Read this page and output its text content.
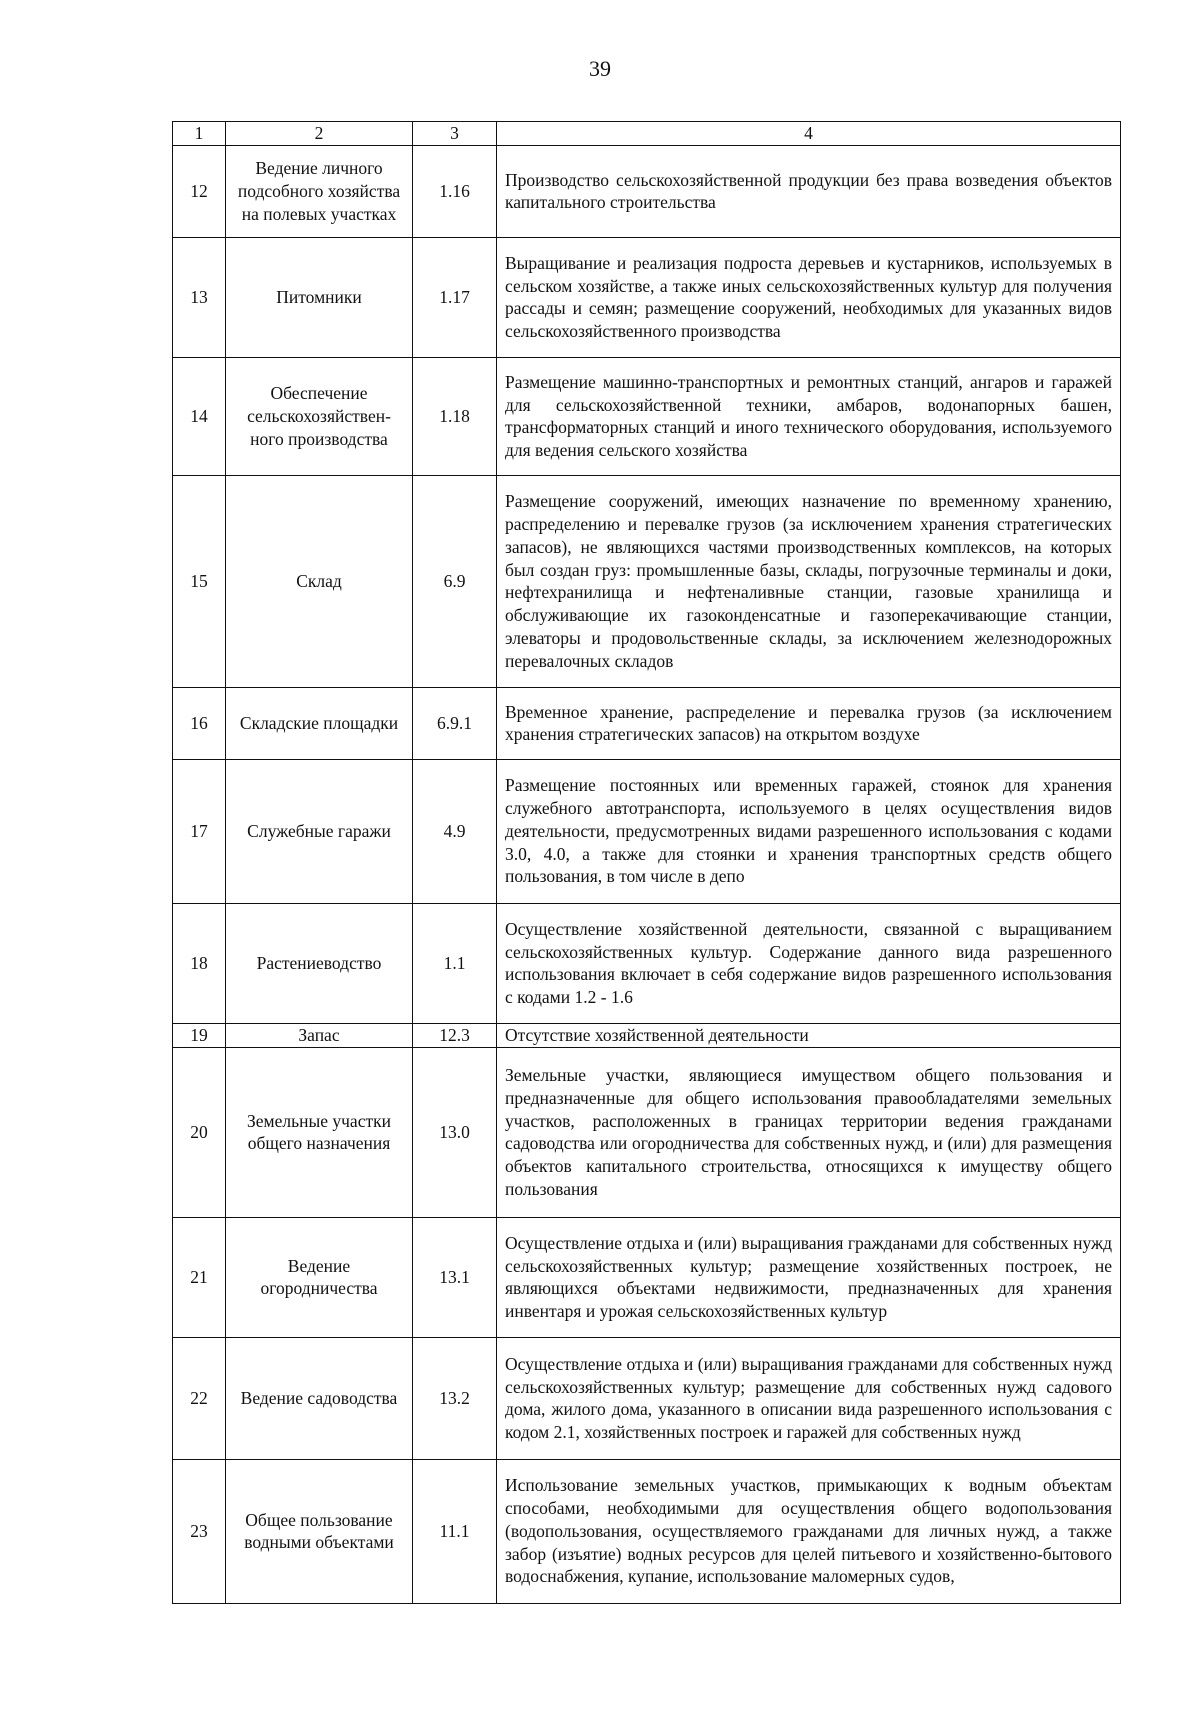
39
1	2	3	4
12	Ведение личного подсобного хозяйства на полевых участках	1.16	Производство сельскохозяйственной продукции без права возведения объектов капитального строительства
13	Питомники	1.17	Выращивание и реализация подроста деревьев и кустарников, используемых в сельском хозяйстве, а также иных сельскохозяйственных культур для получения рассады и семян; размещение сооружений, необходимых для указанных видов сельскохозяйственного производства
14	Обеспечение сельскохозяйствен-ного производства	1.18	Размещение машинно-транспортных и ремонтных станций, ангаров и гаражей для сельскохозяйственной техники, амбаров, водонапорных башен, трансформаторных станций и иного технического оборудования, используемого для ведения сельского хозяйства
15	Склад	6.9	Размещение сооружений, имеющих назначение по временному хранению, распределению и перевалке грузов (за исключением хранения стратегических запасов), не являющихся частями производственных комплексов, на которых был создан груз: промышленные базы, склады, погрузочные терминалы и доки, нефтехранилища и нефтеналивные станции, газовые хранилища и обслуживающие их газоконденсатные и газоперекачивающие станции, элеваторы и продовольственные склады, за исключением железнодорожных перевалочных складов
16	Складские площадки	6.9.1	Временное хранение, распределение и перевалка грузов (за исключением хранения стратегических запасов) на открытом воздухе
17	Служебные гаражи	4.9	Размещение постоянных или временных гаражей, стоянок для хранения служебного автотранспорта, используемого в целях осуществления видов деятельности, предусмотренных видами разрешенного использования с кодами 3.0, 4.0, а также для стоянки и хранения транспортных средств общего пользования, в том числе в депо
18	Растениеводство	1.1	Осуществление хозяйственной деятельности, связанной с выращиванием сельскохозяйственных культур. Содержание данного вида разрешенного использования включает в себя содержание видов разрешенного использования с кодами 1.2 - 1.6
19	Запас	12.3	Отсутствие хозяйственной деятельности
20	Земельные участки общего назначения	13.0	Земельные участки, являющиеся имуществом общего пользования и предназначенные для общего использования правообладателями земельных участков, расположенных в границах территории ведения гражданами садоводства или огородничества для собственных нужд, и (или) для размещения объектов капитального строительства, относящихся к имуществу общего пользования
21	Ведение огородничества	13.1	Осуществление отдыха и (или) выращивания гражданами для собственных нужд сельскохозяйственных культур; размещение хозяйственных построек, не являющихся объектами недвижимости, предназначенных для хранения инвентаря и урожая сельскохозяйственных культур
22	Ведение садоводства	13.2	Осуществление отдыха и (или) выращивания гражданами для собственных нужд сельскохозяйственных культур; размещение для собственных нужд садового дома, жилого дома, указанного в описании вида разрешенного использования с кодом 2.1, хозяйственных построек и гаражей для собственных нужд
23	Общее пользование водными объектами	11.1	Использование земельных участков, примыкающих к водным объектам способами, необходимыми для осуществления общего водопользования (водопользования, осуществляемого гражданами для личных нужд, а также забор (изъятие) водных ресурсов для целей питьевого и хозяйственно-бытового водоснабжения, купание, использование маломерных судов,
